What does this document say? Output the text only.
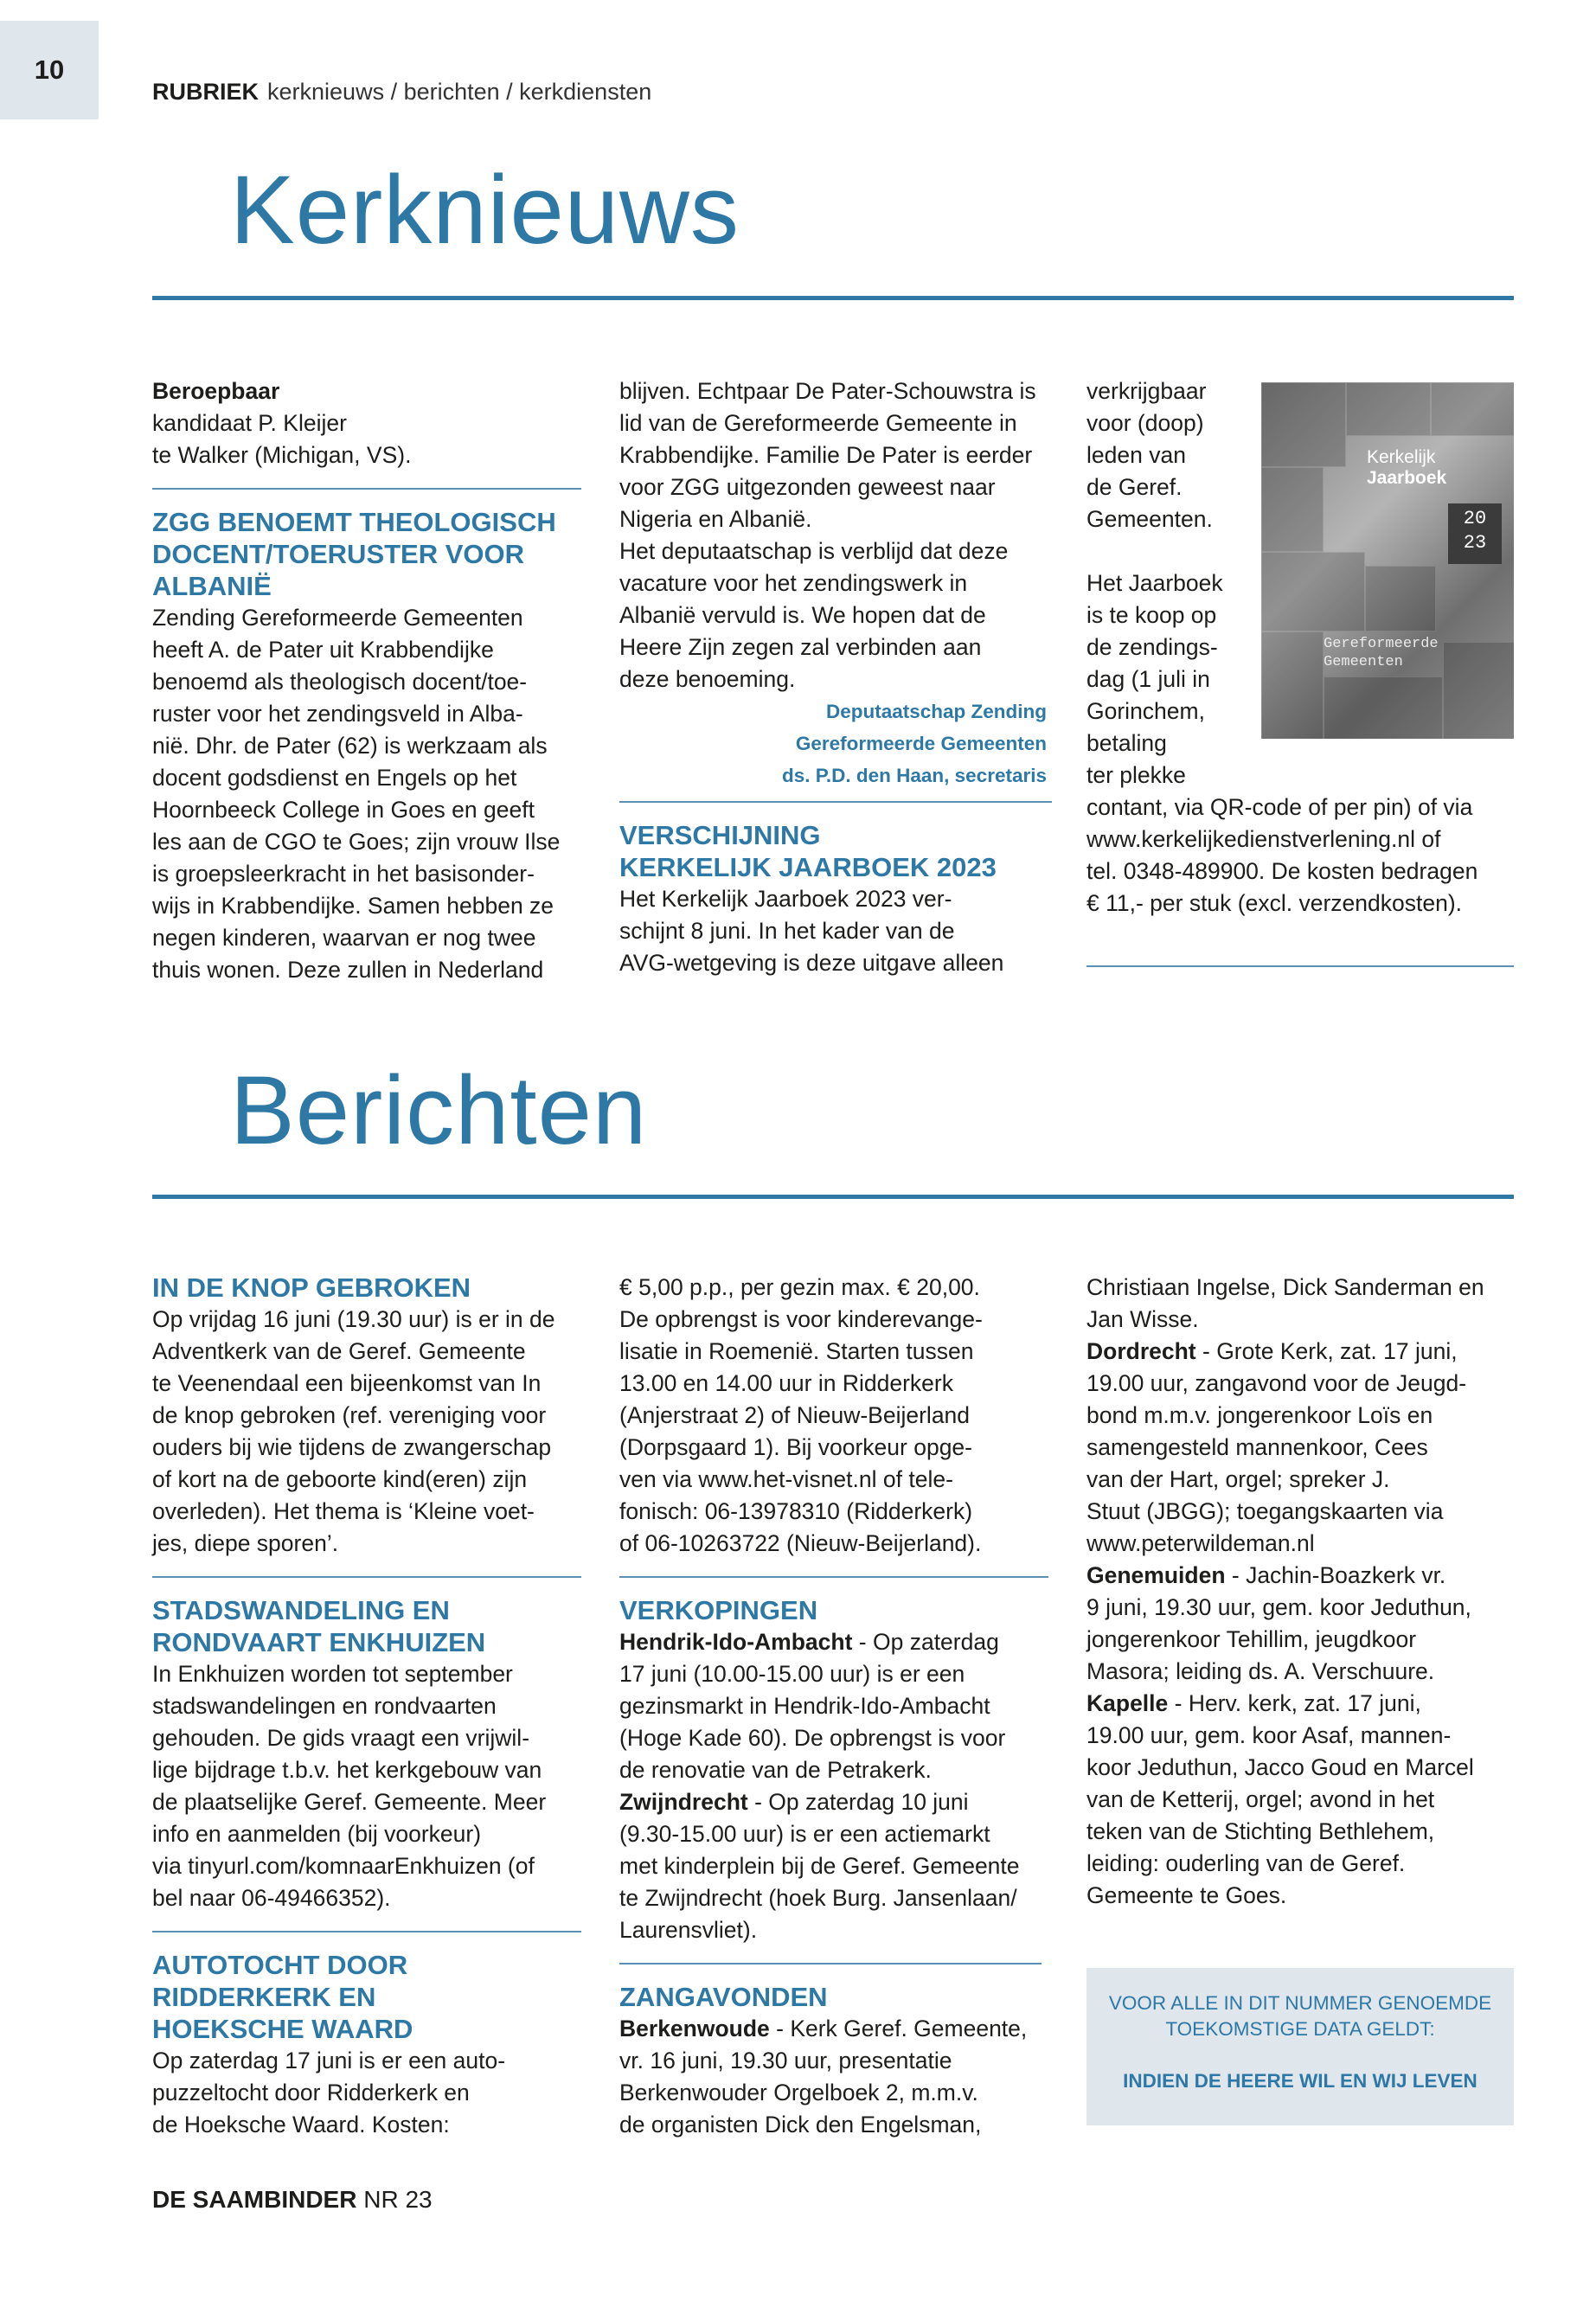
10
RUBRIEK kerknieuws / berichten / kerkdiensten
Kerknieuws

Beroepbaar

kandidaat P. Kleijer

te Walker (Michigan, VS).

ZGG BENOEMT THEOLOGISCH

DOCENT/TOERUSTER VOOR

ALBANIË

Zending Gereformeerde Gemeenten

heeft A. de Pater uit Krabbendijke

benoemd als theologisch docent/toe-

ruster voor het zendingsveld in Alba-

nië. Dhr. de Pater (62) is werkzaam als

docent godsdienst en Engels op het

Hoornbeeck College in Goes en geeft

les aan de CGO te Goes; zijn vrouw Ilse

is groepsleerkracht in het basisonder-

wijs in Krabbendijke. Samen hebben ze

negen kinderen, waarvan er nog twee

thuis wonen. Deze zullen in Nederland

blijven. Echtpaar De Pater-Schouwstra is

lid van de Gereformeerde Gemeente in

Krabbendijke. Familie De Pater is eerder

voor ZGG uitgezonden geweest naar

Nigeria en Albanië.

Het deputaatschap is verblijd dat deze

vacature voor het zendingswerk in

Albanië vervuld is. We hopen dat de

Heere Zijn zegen zal verbinden aan

deze benoeming.

Deputaatschap Zending

Gereformeerde Gemeenten

ds. P.D. den Haan, secretaris

VERSCHIJNING

KERKELIJK JAARBOEK 2023

Het Kerkelijk Jaarboek 2023 ver-

schijnt 8 juni. In het kader van de

AVG-wetgeving is deze uitgave alleen

verkrijgbaar

voor (doop)

leden van

de Geref.

Gemeenten.

Het Jaarboek

is te koop op

de zendings-

dag (1 juli in

Gorinchem,

betaling

ter plekke

contant, via QR-code of per pin) of via

www.kerkelijkedienstverlening.nl of

tel. 0348-489900. De kosten bedragen

€ 11,- per stuk (excl. verzendkosten).

Kerkelijk
Jaarboek
20
23
Gereformeerde
Gemeenten
Berichten

IN DE KNOP GEBROKEN

Op vrijdag 16 juni (19.30 uur) is er in de

Adventkerk van de Geref. Gemeente

te Veenendaal een bijeenkomst van In

de knop gebroken (ref. vereniging voor

ouders bij wie tijdens de zwangerschap

of kort na de geboorte kind(eren) zijn

overleden). Het thema is ‘Kleine voet-

jes, diepe sporen’.

STADSWANDELING EN

RONDVAART ENKHUIZEN

In Enkhuizen worden tot september

stadswandelingen en rondvaarten

gehouden. De gids vraagt een vrijwil-

lige bijdrage t.b.v. het kerkgebouw van

de plaatselijke Geref. Gemeente. Meer

info en aanmelden (bij voorkeur)

via tinyurl.com/komnaarEnkhuizen (of

bel naar 06-49466352).

AUTOTOCHT DOOR

RIDDERKERK EN

HOEKSCHE WAARD

Op zaterdag 17 juni is er een auto-

puzzeltocht door Ridderkerk en

de Hoeksche Waard. Kosten:

€ 5,00 p.p., per gezin max. € 20,00.

De opbrengst is voor kinderevange-

lisatie in Roemenië. Starten tussen

13.00 en 14.00 uur in Ridderkerk

(Anjerstraat 2) of Nieuw-Beijerland

(Dorpsgaard 1). Bij voorkeur opge-

ven via www.het-visnet.nl of tele-

fonisch: 06-13978310 (Ridderkerk)

of 06-10263722 (Nieuw-Beijerland).

VERKOPINGEN

Hendrik-Ido-Ambacht - Op zaterdag

17 juni (10.00-15.00 uur) is er een

gezinsmarkt in Hendrik-Ido-Ambacht

(Hoge Kade 60). De opbrengst is voor

de renovatie van de Petrakerk.

Zwijndrecht - Op zaterdag 10 juni

(9.30-15.00 uur) is er een actiemarkt

met kinderplein bij de Geref. Gemeente

te Zwijndrecht (hoek Burg. Jansenlaan/

Laurensvliet).

ZANGAVONDEN

Berkenwoude - Kerk Geref. Gemeente,

vr. 16 juni, 19.30 uur, presentatie

Berkenwouder Orgelboek 2, m.m.v.

de organisten Dick den Engelsman,

Christiaan Ingelse, Dick Sanderman en

Jan Wisse.

Dordrecht - Grote Kerk, zat. 17 juni,

19.00 uur, zangavond voor de Jeugd-

bond m.m.v. jongerenkoor Loïs en

samengesteld mannenkoor, Cees

van der Hart, orgel; spreker J.

Stuut (JBGG); toegangskaarten via

www.peterwildeman.nl

Genemuiden - Jachin-Boazkerk vr.

9 juni, 19.30 uur, gem. koor Jeduthun,

jongerenkoor Tehillim, jeugdkoor

Masora; leiding ds. A. Verschuure.

Kapelle - Herv. kerk, zat. 17 juni,

19.00 uur, gem. koor Asaf, mannen-

koor Jeduthun, Jacco Goud en Marcel

van de Ketterij, orgel; avond in het

teken van de Stichting Bethlehem,

leiding: ouderling van de Geref.

Gemeente te Goes.

VOOR ALLE IN DIT NUMMER GENOEMDE
TOEKOMSTIGE DATA GELDT:
INDIEN DE HEERE WIL EN WIJ LEVEN
DE SAAMBINDER NR 23
